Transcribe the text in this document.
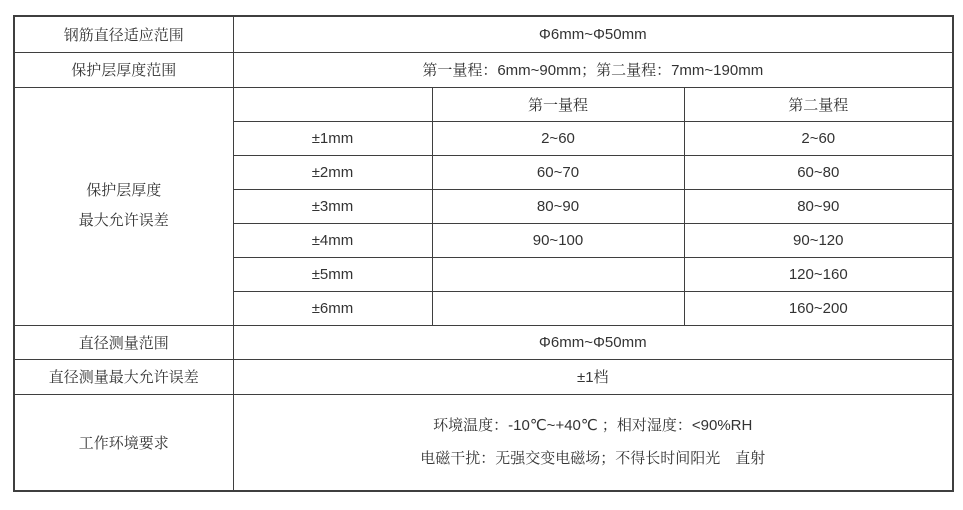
钢筋直径适应范围	Φ6mm~Φ50mm		
保护层厚度范围	第一量程：6mm~90mm；第二量程：7mm~190mm		

保护层厚度
最大允许误差		第一量程	第二量程
	±1mm	2~60	2~60
	±2mm	60~70	60~80
	±3mm	80~90	80~90
	±4mm	90~100	90~120
	±5mm		120~160
	±6mm		160~200
直径测量范围	Φ6mm~Φ50mm		
直径测量最大允许误差	±1档		
工作环境要求	环境温度：-10℃~+40℃ ；相对湿度：<90%RH
电磁干扰：无强交变电磁场；不得长时间阳光　直射		
